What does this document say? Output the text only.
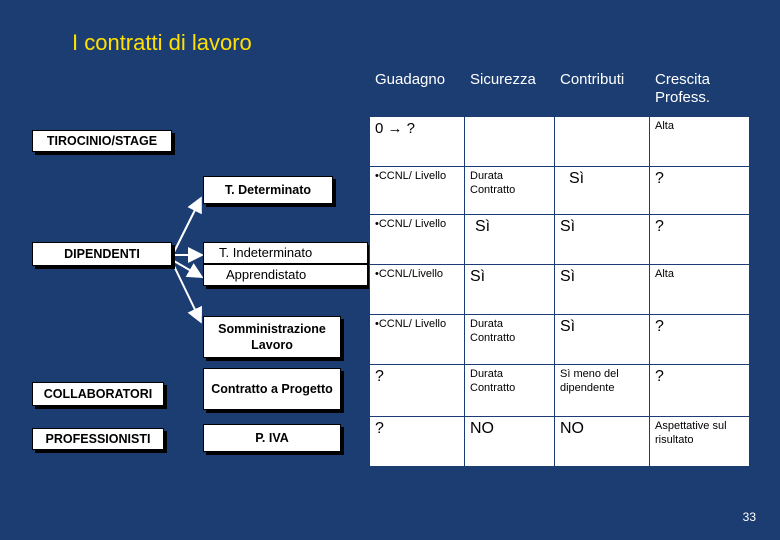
I contratti di lavoro
TIROCINIO/STAGE
DIPENDENTI
COLLABORATORI
PROFESSIONISTI
T. Determinato
T. Indeterminato
Apprendistato
Somministrazione Lavoro
Contratto a Progetto
P. IVA
Guadagno	Sicurezza	Contributi	Crescita Profess.
0 → ?			Alta
•CCNL/ Livello	Durata Contratto	Sì	?
•CCNL/ Livello	Sì	Sì	?
•CCNL/Livello	Sì	Sì	Alta
•CCNL/ Livello	Durata Contratto	Sì	?
?	Durata Contratto	Sì meno del dipendente	?
?	NO	NO	Aspettative sul risultato
33
